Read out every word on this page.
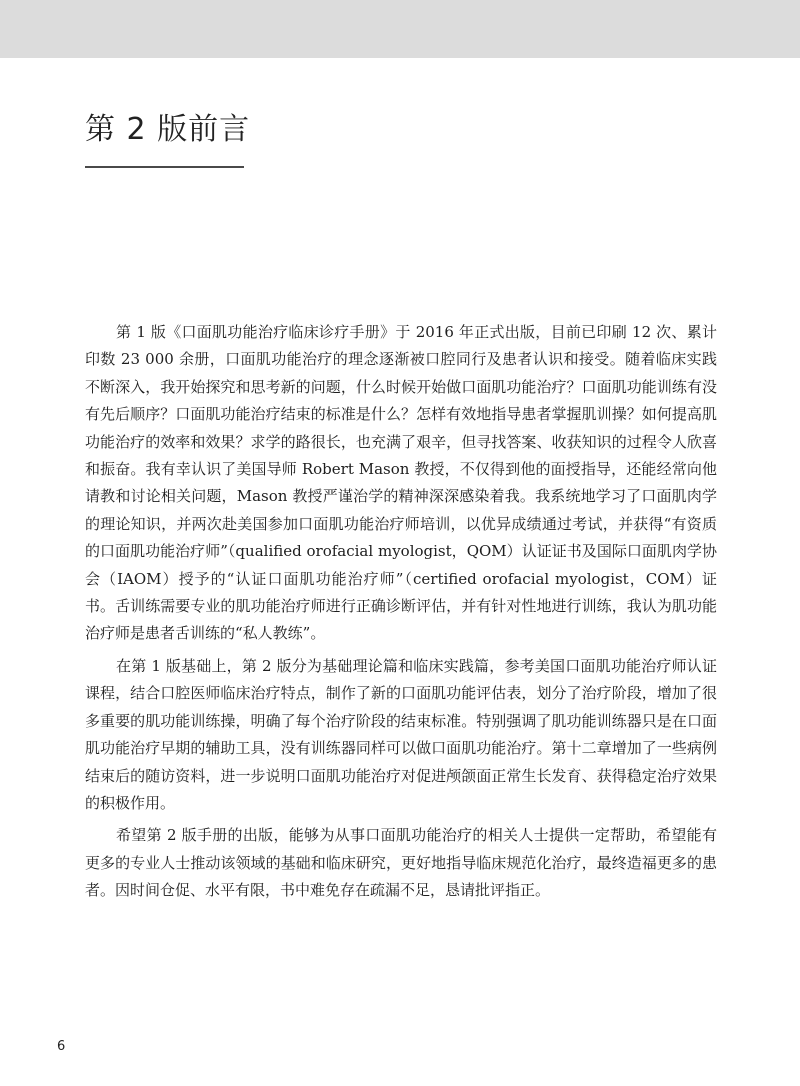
第 2 版前言

第 1 版《口面肌功能治疗临床诊疗手册》于 2016 年正式出版，目前已印刷 12 次、累计印数 23 000 余册，口面肌功能治疗的理念逐渐被口腔同行及患者认识和接受。随着临床实践不断深入，我开始探究和思考新的问题，什么时候开始做口面肌功能治疗？口面肌功能训练有没有先后顺序？口面肌功能治疗结束的标准是什么？怎样有效地指导患者掌握肌训操？如何提高肌功能治疗的效率和效果？求学的路很长，也充满了艰辛，但寻找答案、收获知识的过程令人欣喜和振奋。我有幸认识了美国导师 Robert Mason 教授，不仅得到他的面授指导，还能经常向他请教和讨论相关问题，Mason 教授严谨治学的精神深深感染着我。我系统地学习了口面肌肉学的理论知识，并两次赴美国参加口面肌功能治疗师培训，以优异成绩通过考试，并获得“有资质的口面肌功能治疗师”（qualified orofacial myologist，QOM）认证证书及国际口面肌肉学协会（IAOM）授予的“认证口面肌功能治疗师”（certified orofacial myologist，COM）证书。舌训练需要专业的肌功能治疗师进行正确诊断评估，并有针对性地进行训练，我认为肌功能治疗师是患者舌训练的“私人教练”。

在第 1 版基础上，第 2 版分为基础理论篇和临床实践篇，参考美国口面肌功能治疗师认证课程，结合口腔医师临床治疗特点，制作了新的口面肌功能评估表，划分了治疗阶段，增加了很多重要的肌功能训练操，明确了每个治疗阶段的结束标准。特别强调了肌功能训练器只是在口面肌功能治疗早期的辅助工具，没有训练器同样可以做口面肌功能治疗。第十二章增加了一些病例结束后的随访资料，进一步说明口面肌功能治疗对促进颅颌面正常生长发育、获得稳定治疗效果的积极作用。

希望第 2 版手册的出版，能够为从事口面肌功能治疗的相关人士提供一定帮助，希望能有更多的专业人士推动该领域的基础和临床研究，更好地指导临床规范化治疗，最终造福更多的患者。因时间仓促、水平有限，书中难免存在疏漏不足，恳请批评指正。

6
